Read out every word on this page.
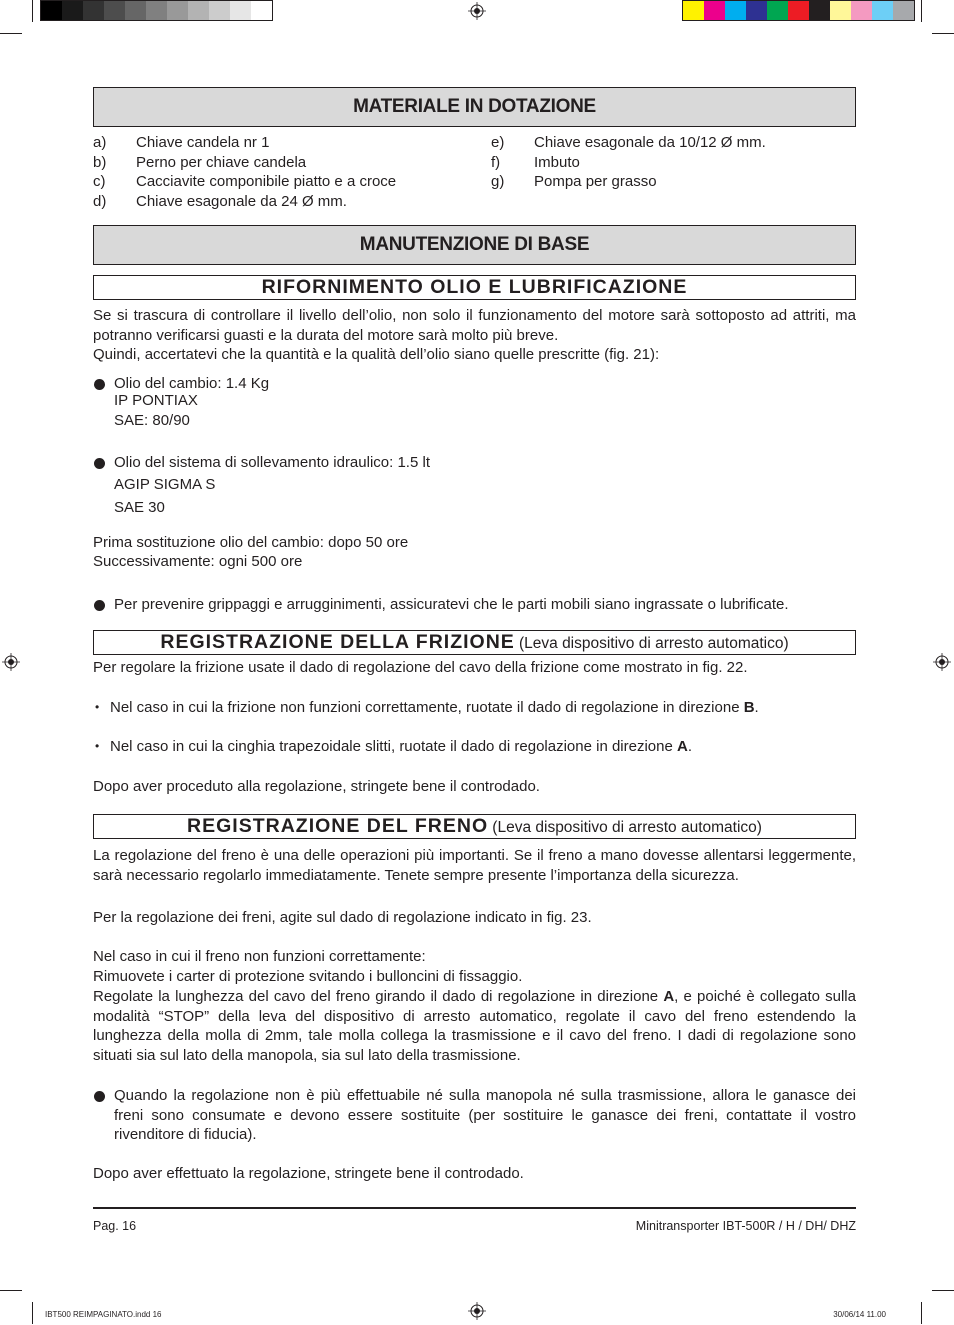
MATERIALE IN DOTAZIONE
a)	Chiave candela nr 1
b)	Perno per chiave candela
c)	Cacciavite componibile piatto e a croce
d)	Chiave esagonale da 24 Ø mm.
e)	Chiave esagonale da 10/12 Ø mm.
f)	Imbuto
g)	Pompa per grasso
MANUTENZIONE DI BASE
RIFORNIMENTO OLIO E LUBRIFICAZIONE

Se si trascura di controllare il livello dell’olio, non solo il funzionamento del motore sarà sottoposto ad attriti, ma potranno verificarsi guasti e la durata del motore sarà molto più breve.

Quindi, accertatevi che la quantità e la qualità dell’olio siano quelle prescritte (fig. 21):

Olio del cambio: 1.4 Kg
IP PONTIAX
SAE: 80/90
Olio del sistema di sollevamento idraulico: 1.5 lt
AGIP SIGMA S
SAE 30

Prima sostituzione olio del cambio: dopo 50 ore

Successivamente: ogni 500 ore

Per prevenire grippaggi e arrugginimenti, assicuratevi che le parti mobili siano ingrassate o lubrificate.
REGISTRAZIONE DELLA FRIZIONE (Leva dispositivo di arresto automatico)

Per regolare la frizione usate il dado di regolazione del cavo della frizione come mostrato in fig. 22.

• Nel caso in cui la frizione non funzioni correttamente, ruotate il dado di regolazione in direzione B.
• Nel caso in cui la cinghia trapezoidale slitti, ruotate il dado di regolazione in direzione A.

Dopo aver proceduto alla regolazione, stringete bene il controdado.

REGISTRAZIONE DEL FRENO (Leva dispositivo di arresto automatico)

La regolazione del freno è una delle operazioni più importanti. Se il freno a mano dovesse allentarsi leggermente, sarà necessario regolarlo immediatamente. Tenete sempre presente l’importanza della sicurezza.

Per la regolazione dei freni, agite sul dado di regolazione indicato in fig. 23.

Nel caso in cui il freno non funzioni correttamente:

Rimuovete i carter di protezione svitando i bulloncini di fissaggio.

Regolate la lunghezza del cavo del freno girando il dado di regolazione in direzione A, e poiché è collegato sulla modalità “STOP” della leva del dispositivo di arresto automatico, regolate il cavo del freno estendendo la lunghezza della molla di 2mm, tale molla collega la trasmissione e il cavo del freno. I dadi di regolazione sono situati sia sul lato della manopola, sia sul lato della trasmissione.

Quando la regolazione non è più effettuabile né sulla manopola né sulla trasmissione, allora le ganasce dei freni sono consumate e devono essere sostituite (per sostituire le ganasce dei freni, contattate il vostro rivenditore di fiducia).

Dopo aver effettuato la regolazione, stringete bene il controdado.

Pag. 16	Minitransporter IBT-500R / H / DH/ DHZ
IBT500 REIMPAGINATO.indd 16	30/06/14 11.00
